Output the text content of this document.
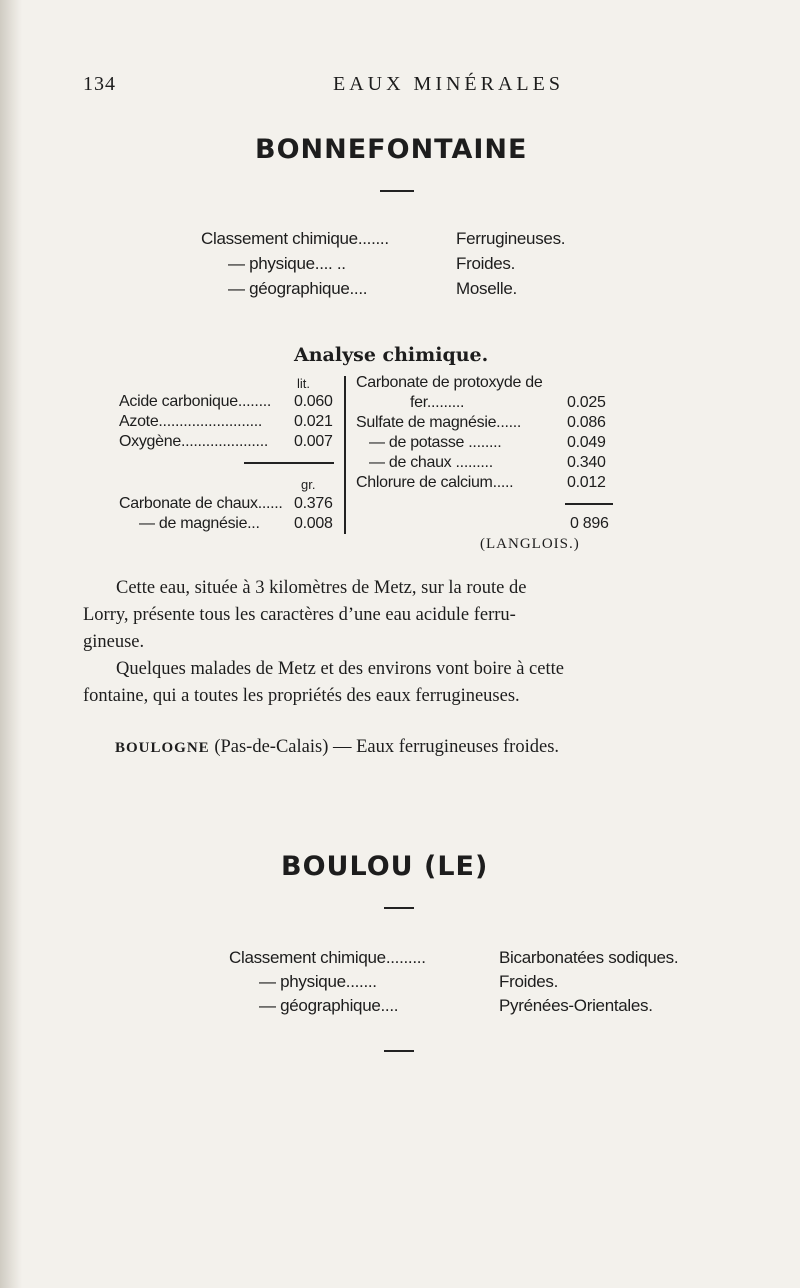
134	EAUX MINÉRALES
BONNEFONTAINE
Classement chimique.......	Ferrugineuses.
— physique.... ..	Froides.
— géographique....	Moselle.
Analyse chimique.
lit.
Acide carbonique........ 0.060
Azote......................... 0.021
Oxygène..................... 0.007
gr.
Carbonate de chaux...... 0.376
— de magnésie... 0.008
Carbonate de protoxyde de
fer.........	0.025
Sulfate de magnésie......	0.086
— de potasse ........	0.049
— de chaux .........	0.340
Chlorure de calcium.....	0.012
0 896
(LANGLOIS.)
Cette eau, située à 3 kilomètres de Metz, sur la route de
Lorry, présente tous les caractères d’une eau acidule ferru-
gineuse.
Quelques malades de Metz et des environs vont boire à cette
fontaine, qui a toutes les propriétés des eaux ferrugineuses.
BOULOGNE (Pas-de-Calais) — Eaux ferrugineuses froides.
BOULOU (LE)
Classement chimique.........	Bicarbonatées sodiques.
— physique.......	Froides.
— géographique....	Pyrénées-Orientales.
